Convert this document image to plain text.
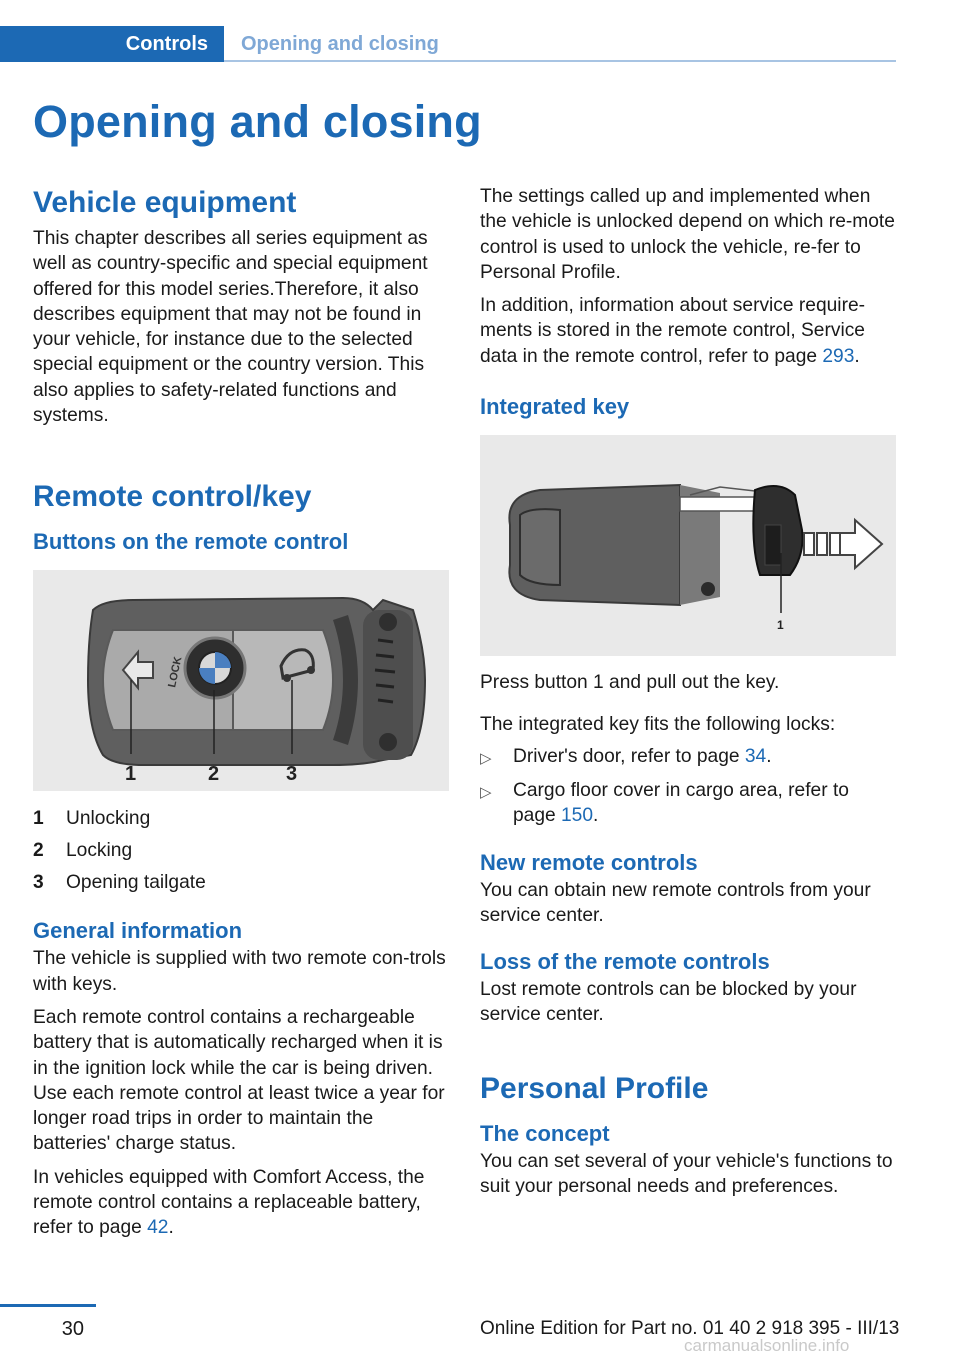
Controls	Opening and closing
Opening and closing
Vehicle equipment

This chapter describes all series equipment as well as country-specific and special equipment offered for this model series.Therefore, it also describes equipment that may not be found in your vehicle, for instance due to the selected special equipment or the country version. This also applies to safety-related functions and systems.

Remote control/key
Buttons on the remote control
LOCK
1	2	3
1	Unlocking
2	Locking
3	Opening tailgate
General information

The vehicle is supplied with two remote con‐trols with keys.

Each remote control contains a rechargeable battery that is automatically recharged when it is in the ignition lock while the car is being driven. Use each remote control at least twice a year for longer road trips in order to maintain the batteries' charge status.

In vehicles equipped with Comfort Access, the remote control contains a replaceable battery, refer to page 42.

The settings called up and implemented when the vehicle is unlocked depend on which re‐mote control is used to unlock the vehicle, re‐fer to Personal Profile.

In addition, information about service require‐ments is stored in the remote control, Service data in the remote control, refer to page 293.

Integrated key
1

Press button 1 and pull out the key.

The integrated key fits the following locks:

▷	Driver's door, refer to page 34.
▷	Cargo floor cover in cargo area, refer to page 150.
New remote controls

You can obtain new remote controls from your service center.

Loss of the remote controls

Lost remote controls can be blocked by your service center.

Personal Profile
The concept

You can set several of your vehicle's functions to suit your personal needs and preferences.

30	Online Edition for Part no. 01 40 2 918 395 - III/13
carmanualsonline.info
